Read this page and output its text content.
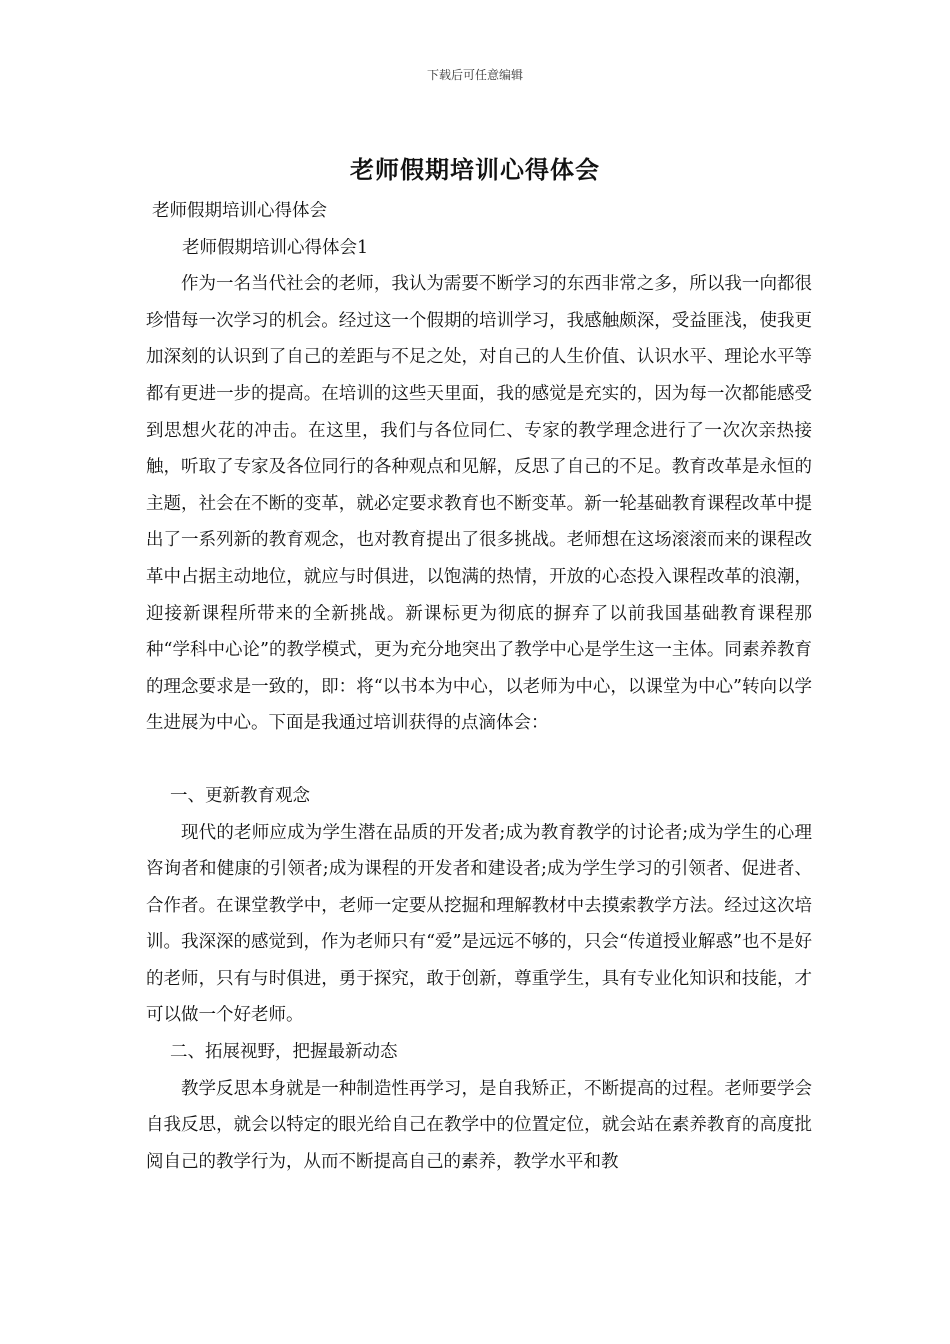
下载后可任意编辑
老师假期培训心得体会

老师假期培训心得体会

老师假期培训心得体会1

作为一名当代社会的老师，我认为需要不断学习的东西非常之多，所以我一向都很珍惜每一次学习的机会。经过这一个假期的培训学习，我感触颇深，受益匪浅，使我更加深刻的认识到了自己的差距与不足之处，对自己的人生价值、认识水平、理论水平等都有更进一步的提高。在培训的这些天里面，我的感觉是充实的，因为每一次都能感受到思想火花的冲击。在这里，我们与各位同仁、专家的教学理念进行了一次次亲热接触，听取了专家及各位同行的各种观点和见解，反思了自己的不足。教育改革是永恒的主题，社会在不断的变革，就必定要求教育也不断变革。新一轮基础教育课程改革中提出了一系列新的教育观念，也对教育提出了很多挑战。老师想在这场滚滚而来的课程改革中占据主动地位，就应与时俱进，以饱满的热情，开放的心态投入课程改革的浪潮，迎接新课程所带来的全新挑战。新课标更为彻底的摒弃了以前我国基础教育课程那种“学科中心论”的教学模式，更为充分地突出了教学中心是学生这一主体。同素养教育的理念要求是一致的，即：将“以书本为中心，以老师为中心，以课堂为中心”转向以学生进展为中心。下面是我通过培训获得的点滴体会：

一、更新教育观念

现代的老师应成为学生潜在品质的开发者;成为教育教学的讨论者;成为学生的心理咨询者和健康的引领者;成为课程的开发者和建设者;成为学生学习的引领者、促进者、合作者。在课堂教学中，老师一定要从挖掘和理解教材中去摸索教学方法。经过这次培训。我深深的感觉到，作为老师只有“爱”是远远不够的，只会“传道授业解惑”也不是好的老师，只有与时俱进，勇于探究，敢于创新，尊重学生，具有专业化知识和技能，才可以做一个好老师。

二、拓展视野，把握最新动态

教学反思本身就是一种制造性再学习，是自我矫正，不断提高的过程。老师要学会自我反思，就会以特定的眼光给自己在教学中的位置定位，就会站在素养教育的高度批阅自己的教学行为，从而不断提高自己的素养，教学水平和教
